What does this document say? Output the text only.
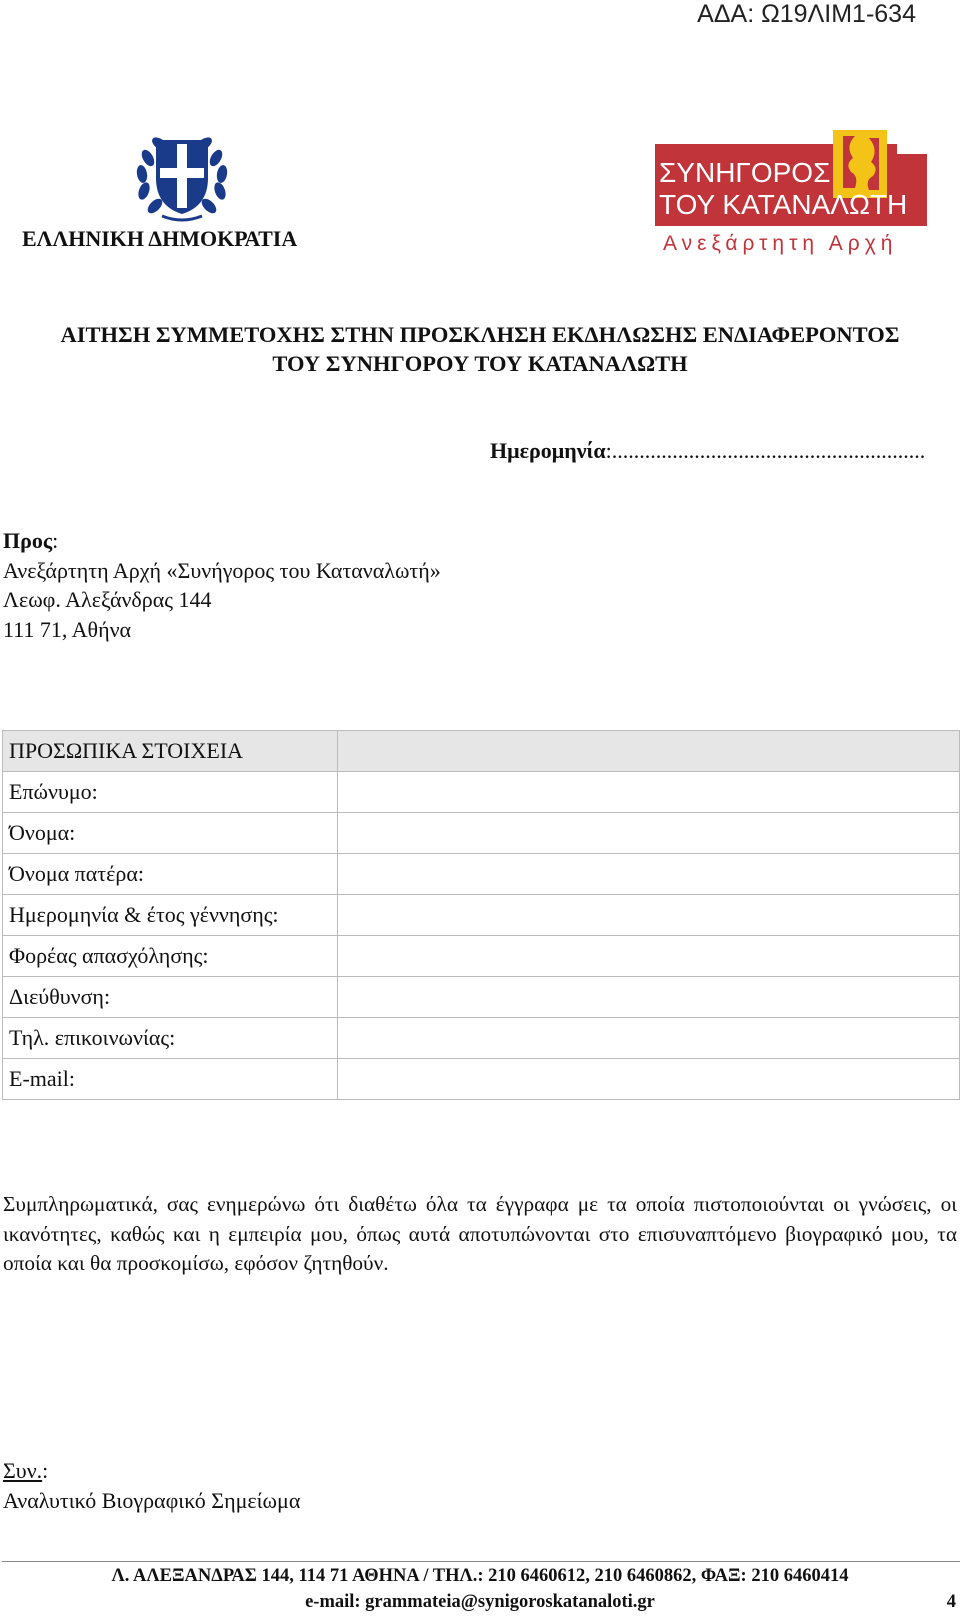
ΑΔΑ: Ω19ΛΙΜ1-634
ΕΛΛΗΝΙΚΗ ΔΗΜΟΚΡΑΤΙΑ
ΣΥΝΗΓΟΡΟΣ
ΤΟΥ ΚΑΤΑΝΑΛΩΤΗ
Ανεξάρτητη Αρχή
ΑΙΤΗΣΗ ΣΥΜΜΕΤΟΧΗΣ ΣΤΗΝ ΠΡΟΣΚΛΗΣΗ ΕΚΔΗΛΩΣΗΣ ΕΝΔΙΑΦΕΡΟΝΤΟΣ
ΤΟΥ ΣΥΝΗΓΟΡΟΥ ΤΟΥ ΚΑΤΑΝΑΛΩΤΗ
Ημερομηνία:.........................................................
Προς:
Ανεξάρτητη Αρχή «Συνήγορος του Καταναλωτή»
Λεωφ. Αλεξάνδρας 144
111 71, Αθήνα
ΠΡΟΣΩΠΙΚΑ ΣΤΟΙΧΕΙΑ	
Επώνυμο:	
Όνομα:	
Όνομα πατέρα:	
Ημερομηνία & έτος γέννησης:	
Φορέας απασχόλησης:	
Διεύθυνση:	
Τηλ. επικοινωνίας:	
E-mail:	
Συμπληρωματικά, σας ενημερώνω ότι διαθέτω όλα τα έγγραφα με τα οποία πιστοποιούνται οι γνώσεις, οι ικανότητες, καθώς και η εμπειρία μου, όπως αυτά αποτυπώνονται στο επισυναπτόμενο βιογραφικό μου, τα οποία και θα προσκομίσω, εφόσον ζητηθούν.
Συν.:
Αναλυτικό Βιογραφικό Σημείωμα
Λ. ΑΛΕΞΑΝΔΡΑΣ 144, 114 71 ΑΘΗΝΑ / ΤΗΛ.: 210 6460612, 210 6460862, ΦΑΞ: 210 6460414
e-mail: grammateia@synigoroskatanaloti.gr	4
